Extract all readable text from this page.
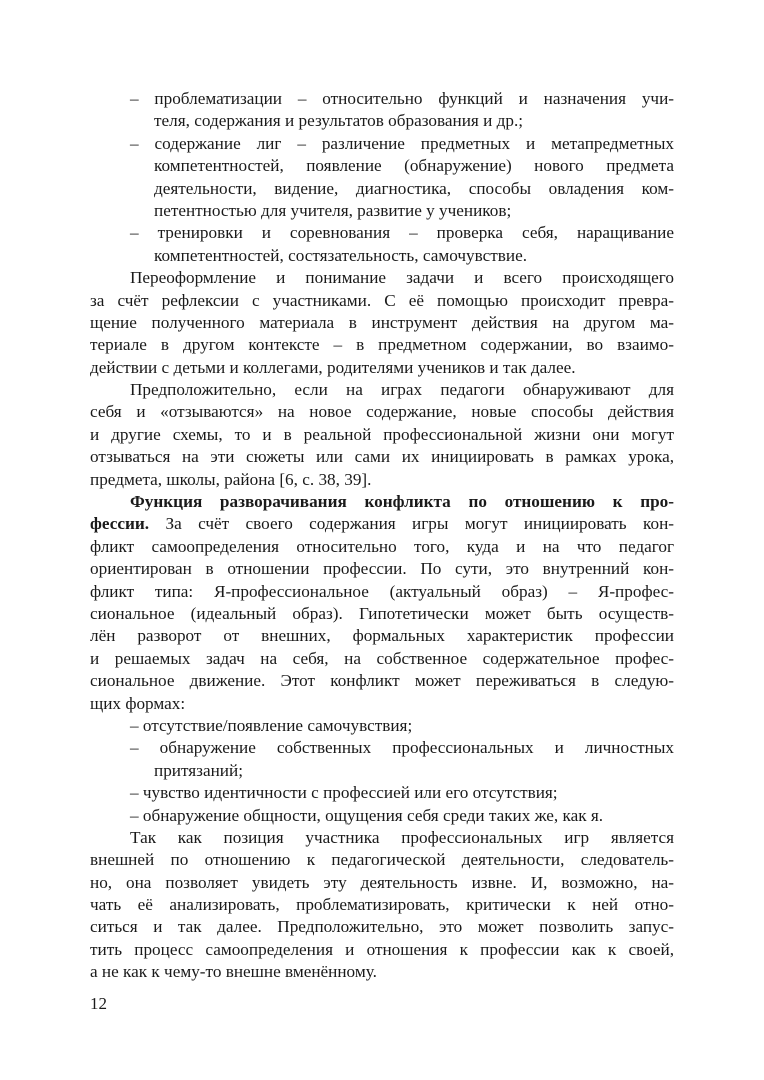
– проблематизации – относительно функций и назначения учи-
теля, содержания и результатов образования и др.;
– содержание лиг – различение предметных и метапредметных
компетентностей, появление (обнаружение) нового предмета
деятельности, видение, диагностика, способы овладения ком-
петентностью для учителя, развитие у учеников;
– тренировки и соревнования – проверка себя, наращивание
компетентностей, состязательность, самочувствие.
Переоформление и понимание задачи и всего происходящего
за счёт рефлексии с участниками. С её помощью происходит превра-
щение полученного материала в инструмент действия на другом ма-
териале в другом контексте – в предметном содержании, во взаимо-
действии с детьми и коллегами, родителями учеников и так далее.
Предположительно, если на играх педагоги обнаруживают для
себя и «отзываются» на новое содержание, новые способы действия
и другие схемы, то и в реальной профессиональной жизни они могут
отзываться на эти сюжеты или сами их инициировать в рамках урока,
предмета, школы, района [6, с. 38, 39].
Функция разворачивания конфликта по отношению к про-
фессии. За счёт своего содержания игры могут инициировать кон-
фликт самоопределения относительно того, куда и на что педагог
ориентирован в отношении профессии. По сути, это внутренний кон-
фликт типа: Я-профессиональное (актуальный образ) – Я-профес-
сиональное (идеальный образ). Гипотетически может быть осуществ-
лён разворот от внешних, формальных характеристик профессии
и решаемых задач на себя, на собственное содержательное профес-
сиональное движение. Этот конфликт может переживаться в следую-
щих формах:
– отсутствие/появление самочувствия;
– обнаружение собственных профессиональных и личностных
притязаний;
– чувство идентичности с профессией или его отсутствия;
– обнаружение общности, ощущения себя среди таких же, как я.
Так как позиция участника профессиональных игр является
внешней по отношению к педагогической деятельности, следователь-
но, она позволяет увидеть эту деятельность извне. И, возможно, на-
чать её анализировать, проблематизировать, критически к ней отно-
ситься и так далее. Предположительно, это может позволить запус-
тить процесс самоопределения и отношения к профессии как к своей,
а не как к чему-то внешне вменённому.
12
